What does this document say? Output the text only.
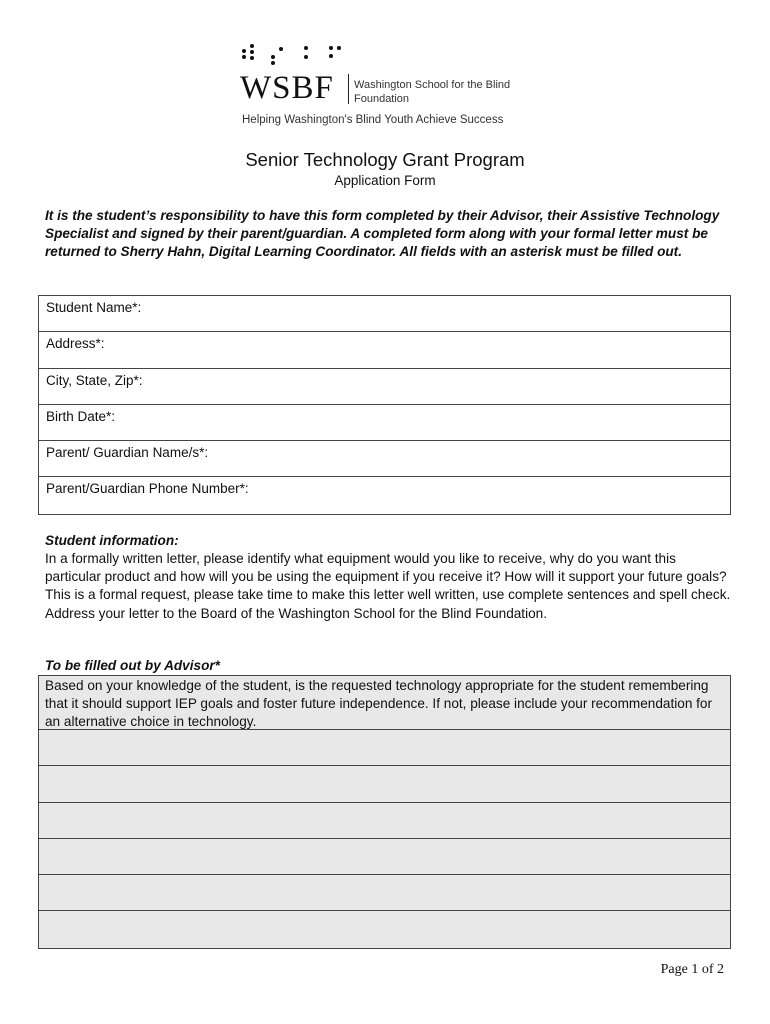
WSBF Washington School for the Blind
Foundation
Helping Washington's Blind Youth Achieve Success
Senior Technology Grant Program
Application Form
It is the student’s responsibility to have this form completed by their Advisor, their Assistive Technology Specialist and signed by their parent/guardian. A completed form along with your formal letter must be returned to Sherry Hahn, Digital Learning Coordinator. All fields with an asterisk must be filled out.
Student Name*:
Address*:
City, State, Zip*:
Birth Date*:
Parent/ Guardian Name/s*:
Parent/Guardian Phone Number*:
Student information:
In a formally written letter, please identify what equipment would you like to receive, why do you want this particular product and how will you be using the equipment if you receive it? How will it support your future goals? This is a formal request, please take time to make this letter well written, use complete sentences and spell check. Address your letter to the Board of the Washington School for the Blind Foundation.
To be filled out by Advisor*
Based on your knowledge of the student, is the requested technology appropriate for the student remembering that it should support IEP goals and foster future independence. If not, please include your recommendation for an alternative choice in technology.
Page 1 of 2
